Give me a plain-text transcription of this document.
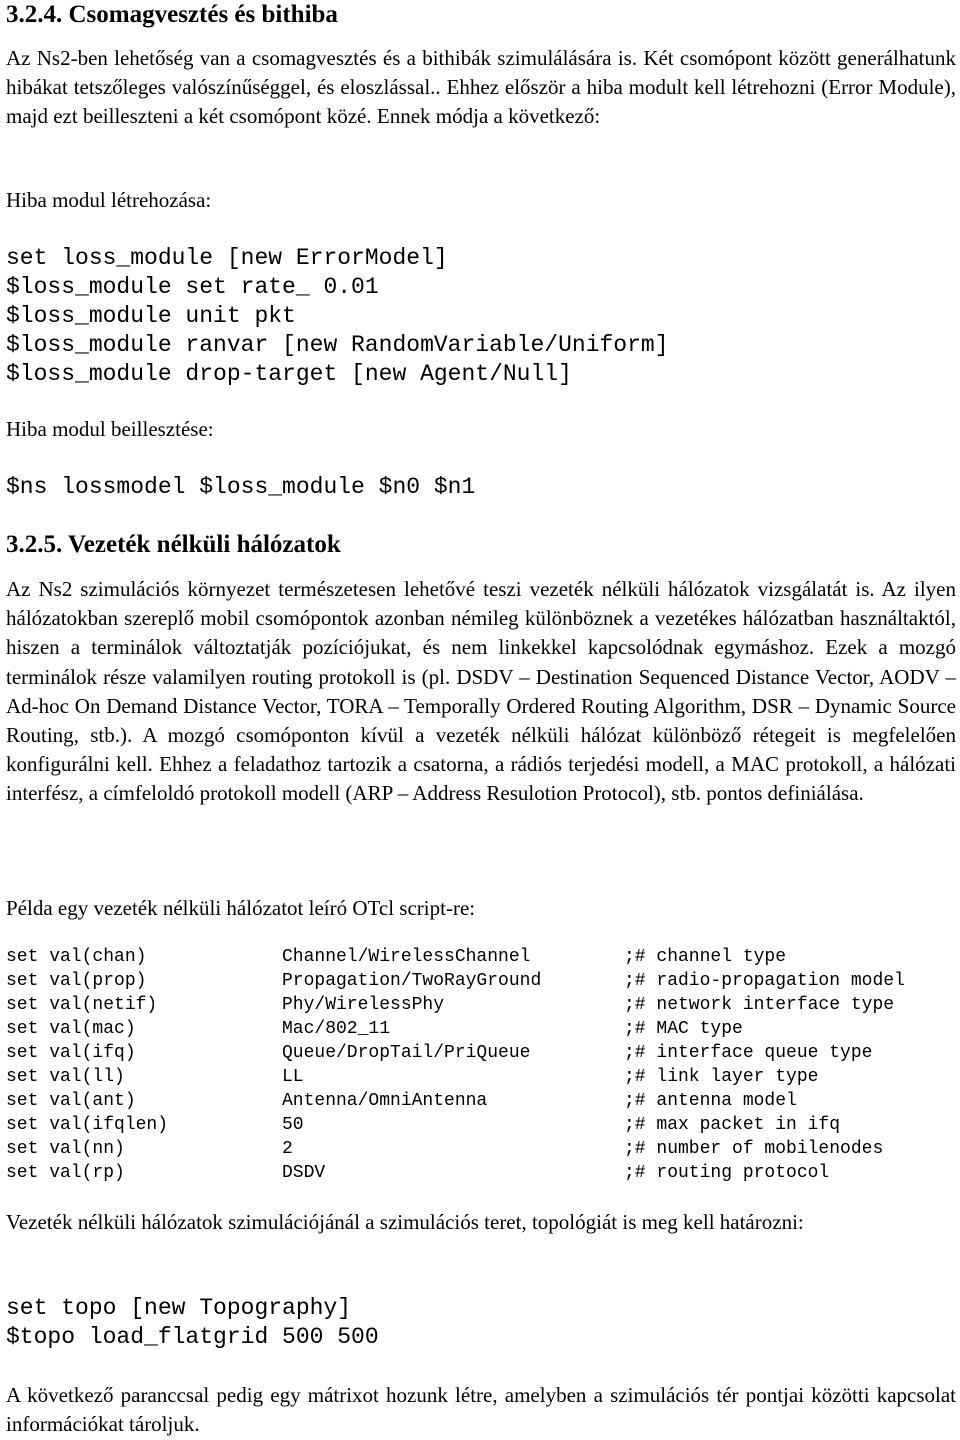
3.2.4. Csomagvesztés és bithiba
Az Ns2-ben lehetőség van a csomagvesztés és a bithibák szimulálására is. Két csomópont között generálhatunk hibákat tetszőleges valószínűséggel, és eloszlással.. Ehhez először a hiba modult kell létrehozni (Error Module), majd ezt beilleszteni a két csomópont közé. Ennek módja a következő:
Hiba modul létrehozása:
set loss_module [new ErrorModel]
$loss_module set rate_ 0.01
$loss_module unit pkt
$loss_module ranvar [new RandomVariable/Uniform]
$loss_module drop-target [new Agent/Null]
Hiba modul beillesztése:
$ns lossmodel $loss_module $n0 $n1
3.2.5. Vezeték nélküli hálózatok
Az Ns2 szimulációs környezet természetesen lehetővé teszi vezeték nélküli hálózatok vizsgálatát is. Az ilyen hálózatokban szereplő mobil csomópontok azonban némileg különböznek a vezetékes hálózatban használtaktól, hiszen a terminálok változtatják pozíciójukat, és nem linkekkel kapcsolódnak egymáshoz. Ezek a mozgó terminálok része valamilyen routing protokoll is (pl. DSDV – Destination Sequenced Distance Vector, AODV – Ad-hoc On Demand Distance Vector, TORA – Temporally Ordered Routing Algorithm, DSR – Dynamic Source Routing, stb.). A mozgó csomóponton kívül a vezeték nélküli hálózat különböző rétegeit is megfelelően konfigurálni kell. Ehhez a feladathoz tartozik a csatorna, a rádiós terjedési modell, a MAC protokoll, a hálózati interfész, a címfeloldó protokoll modell (ARP – Address Resulotion Protocol), stb. pontos definiálása.
Példa egy vezeték nélküli hálózatot leíró OTcl script-re:
set val(chan)	Channel/WirelessChannel	;# channel type
set val(prop)	Propagation/TwoRayGround	;# radio-propagation model
set val(netif)	Phy/WirelessPhy	;# network interface type
set val(mac)	Mac/802_11	;# MAC type
set val(ifq)	Queue/DropTail/PriQueue	;# interface queue type
set val(ll)	LL	;# link layer type
set val(ant)	Antenna/OmniAntenna	;# antenna model
set val(ifqlen)	50	;# max packet in ifq
set val(nn)	2	;# number of mobilenodes
set val(rp)	DSDV	;# routing protocol
Vezeték nélküli hálózatok szimulációjánál a szimulációs teret, topológiát is meg kell határozni:
set topo [new Topography]
$topo load_flatgrid 500 500
A következő paranccsal pedig egy mátrixot hozunk létre, amelyben a szimulációs tér pontjai közötti kapcsolat információkat tároljuk.
